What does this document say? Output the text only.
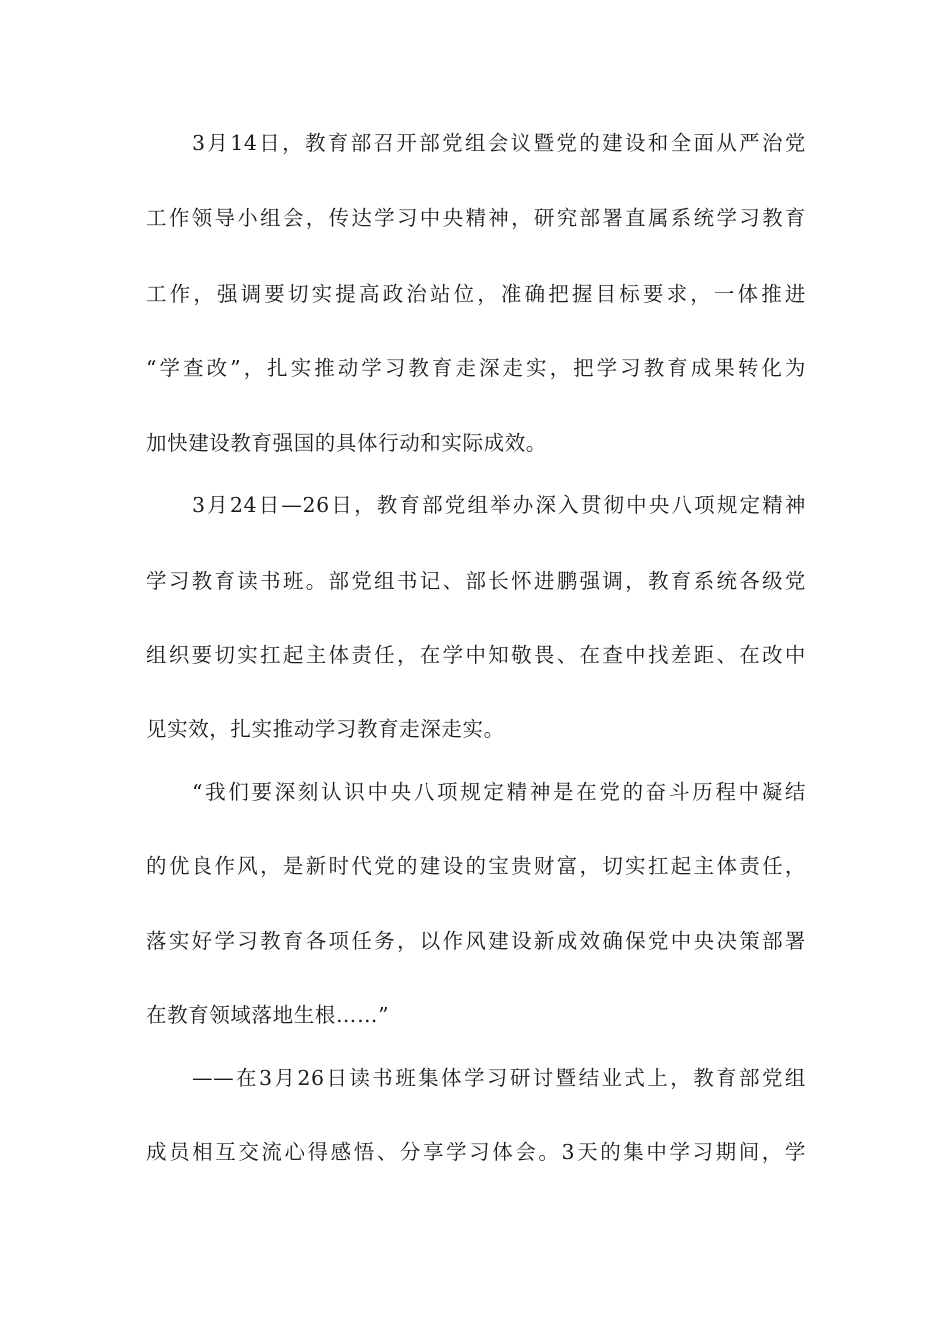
3月14日，教育部召开部党组会议暨党的建设和全面从严治党
工作领导小组会，传达学习中央精神，研究部署直属系统学习教育
工作，强调要切实提高政治站位，准确把握目标要求，一体推进
“学查改”，扎实推动学习教育走深走实，把学习教育成果转化为
加快建设教育强国的具体行动和实际成效。
3月24日—26日，教育部党组举办深入贯彻中央八项规定精神
学习教育读书班。部党组书记、部长怀进鹏强调，教育系统各级党
组织要切实扛起主体责任，在学中知敬畏、在查中找差距、在改中
见实效，扎实推动学习教育走深走实。
“我们要深刻认识中央八项规定精神是在党的奋斗历程中凝结
的优良作风，是新时代党的建设的宝贵财富，切实扛起主体责任，
落实好学习教育各项任务，以作风建设新成效确保党中央决策部署
在教育领域落地生根……”
——在3月26日读书班集体学习研讨暨结业式上，教育部党组
成员相互交流心得感悟、分享学习体会。3天的集中学习期间，学
